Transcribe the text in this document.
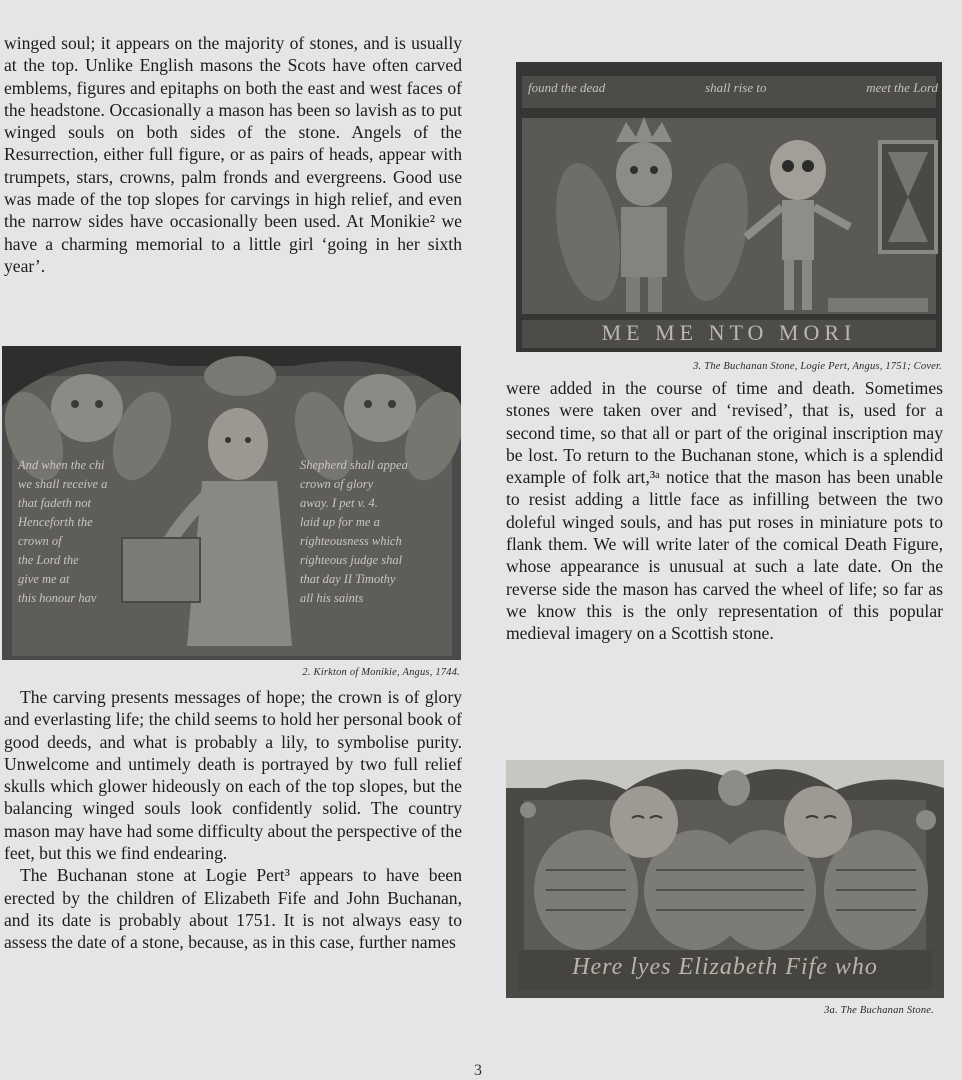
winged soul; it appears on the majority of stones, and is usually at the top. Unlike English masons the Scots have often carved emblems, figures and epitaphs on both the east and west faces of the headstone. Occasionally a mason has been so lavish as to put winged souls on both sides of the stone. Angels of the Resurrection, either full figure, or as pairs of heads, appear with trumpets, stars, crowns, palm fronds and evergreens. Good use was made of the top slopes for carvings in high relief, and even the narrow sides have occasionally been used. At Monikie² we have a charming memorial to a little girl ‘going in her sixth year’.

And when the chi
we shall receive a
that fadeth not
Henceforth the
crown of
the Lord the
give me at
this honour hav
Shepherd shall appea
crown of glory
away. I pet v. 4.
laid up for me a
righteousness which
righteous judge shal
that day II Timothy
all his saints

2. Kirkton of Monikie, Angus, 1744.

The carving presents messages of hope; the crown is of glory and everlasting life; the child seems to hold her personal book of good deeds, and what is probably a lily, to symbolise purity. Unwelcome and untimely death is portrayed by two full relief skulls which glower hideously on each of the top slopes, but the balancing winged souls look confidently solid. The country mason may have had some difficulty about the perspective of the feet, but this we find endearing.
The Buchanan stone at Logie Pert³ appears to have been erected by the children of Elizabeth Fife and John Buchanan, and its date is probably about 1751. It is not always easy to assess the date of a stone, because, as in this case, further names

found the dead	shall rise to	meet the Lord
ME ME NTO MORI

3. The Buchanan Stone, Logie Pert, Angus, 1751; Cover.

were added in the course of time and death. Sometimes stones were taken over and ‘revised’, that is, used for a second time, so that all or part of the original inscription may be lost. To return to the Buchanan stone, which is a splendid example of folk art,³ᵃ notice that the mason has been unable to resist adding a little face as infilling between the two doleful winged souls, and has put roses in miniature pots to flank them. We will write later of the comical Death Figure, whose appearance is unusual at such a late date. On the reverse side the mason has carved the wheel of life; so far as we know this is the only representation of this popular medieval imagery on a Scottish stone.

Here lyes Elizabeth Fife who

3a. The Buchanan Stone.

3
